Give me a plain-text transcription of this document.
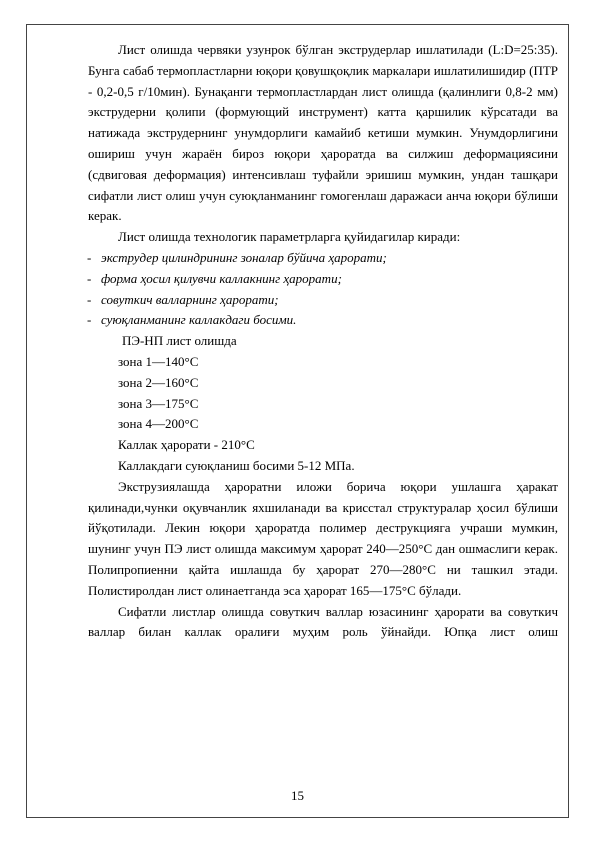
Лист олишда червяки узунрок бўлган экструдерлар ишлатилади (L:D=25:35). Бунга сабаб термопластларни юқори қовушқоқлик маркалари ишлатилишидир (ПТР - 0,2-0,5 г/10мин). Бунақанги термопластлардан лист олишда (қалинлиги 0,8-2 мм) экструдерни қолипи (формующий инструмент) катта қаршилик кўрсатади ва натижада экструдернинг унумдорлиги камайиб кетиши мумкин. Унумдорлигини ошириш учун жараён бироз юқори ҳароратда ва силжиш деформациясини (сдвиговая деформация) интенсивлаш туфайли эришиш мумкин, ундан ташқари сифатли лист олиш учун суюқланманинг гомогенлаш даражаси анча юқори бўлиши керак.

Лист олишда технологик параметрларга қуйидагилар киради:

- экструдер цилиндрининг зоналар бўйича ҳарорати;

- форма ҳосил қилувчи каллакнинг ҳарорати;

- совуткич валларнинг ҳарорати;

- суюқланманинг каллакдаги босими.

ПЭ-НП лист олишда

зона 1—140°С

зона 2—160°С

зона 3—175°С

зона 4—200°С

Каллак ҳарорати - 210°С

Каллакдаги суюқланиш босими 5-12 МПа.

Экструзиялашда ҳароратни иложи борича юқори ушлашга ҳаракат қилинади,чунки оқувчанлик яхшиланади ва крисстал структуралар ҳосил бўлиши йўқотилади. Лекин юқори ҳароратда полимер деструкцияга учраши мумкин, шунинг учун ПЭ лист олишда максимум ҳарорат 240—250°С дан ошмаслиги керак. Полипропиенни қайта ишлашда бу ҳарорат 270—280°С ни ташкил этади. Полистиролдан лист олинаетганда эса ҳарорат 165—175°С бўлади.

Сифатли листлар олишда совуткич валлар юзасининг ҳарорати ва совуткич валлар билан каллак оралиғи муҳим роль ўйнайди. Юпқа лист олиш

15
